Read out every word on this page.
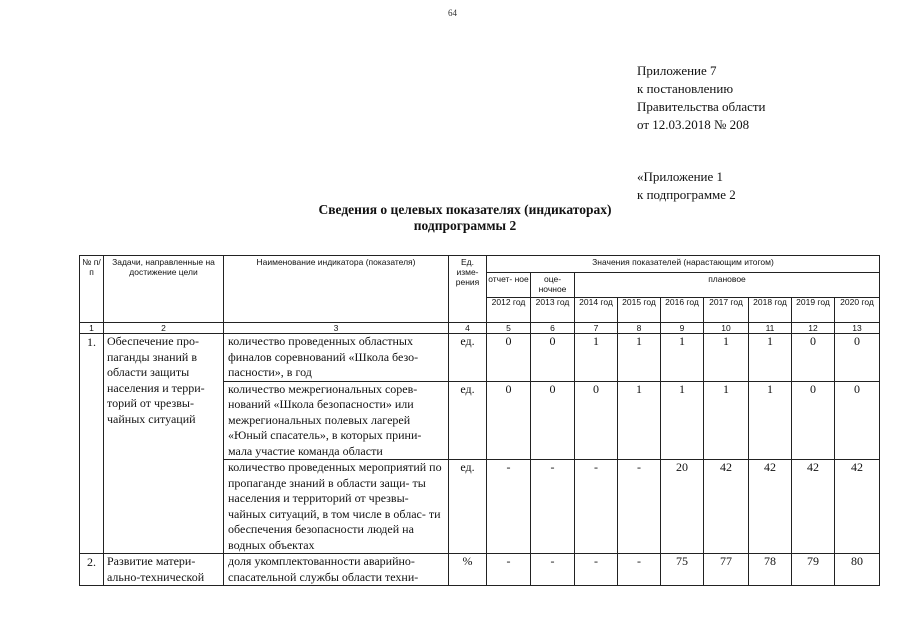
64
Приложение 7
к постановлению
Правительства области
от 12.03.2018 № 208
«Приложение 1
к подпрограмме 2
Сведения о целевых показателях (индикаторах)
подпрограммы 2
№ п/п	Задачи, направленные на достижение цели	Наименование индикатора (показателя)	Ед. изме- рения	Значения показателей (нарастающим итогом)								
				отчет- ное	оце- ночное	плановое						
				2012 год	2013 год	2014 год	2015 год	2016 год	2017 год	2018 год	2019 год	2020 год
1	2	3	4	5	6	7	8	9	10	11	12	13
1.	Обеспечение про- паганды знаний в области защиты населения и терри- торий от чрезвы- чайных ситуаций	количество проведенных областных финалов соревнований «Школа безо- пасности», в год	ед.	0	0	1	1	1	1	1	0	0
		количество межрегиональных сорев- нований «Школа безопасности» или межрегиональных полевых лагерей «Юный спасатель», в которых прини- мала участие команда области	ед.	0	0	0	1	1	1	1	0	0
		количество проведенных мероприятий по пропаганде знаний в области защи- ты населения и территорий от чрезвы- чайных ситуаций, в том числе в облас- ти обеспечения безопасности людей на водных объектах	ед.	-	-	-	-	20	42	42	42	42
2.	Развитие матери- ально-технической	доля укомплектованности аварийно- спасательной службы области техни-	%	-	-	-	-	75	77	78	79	80
